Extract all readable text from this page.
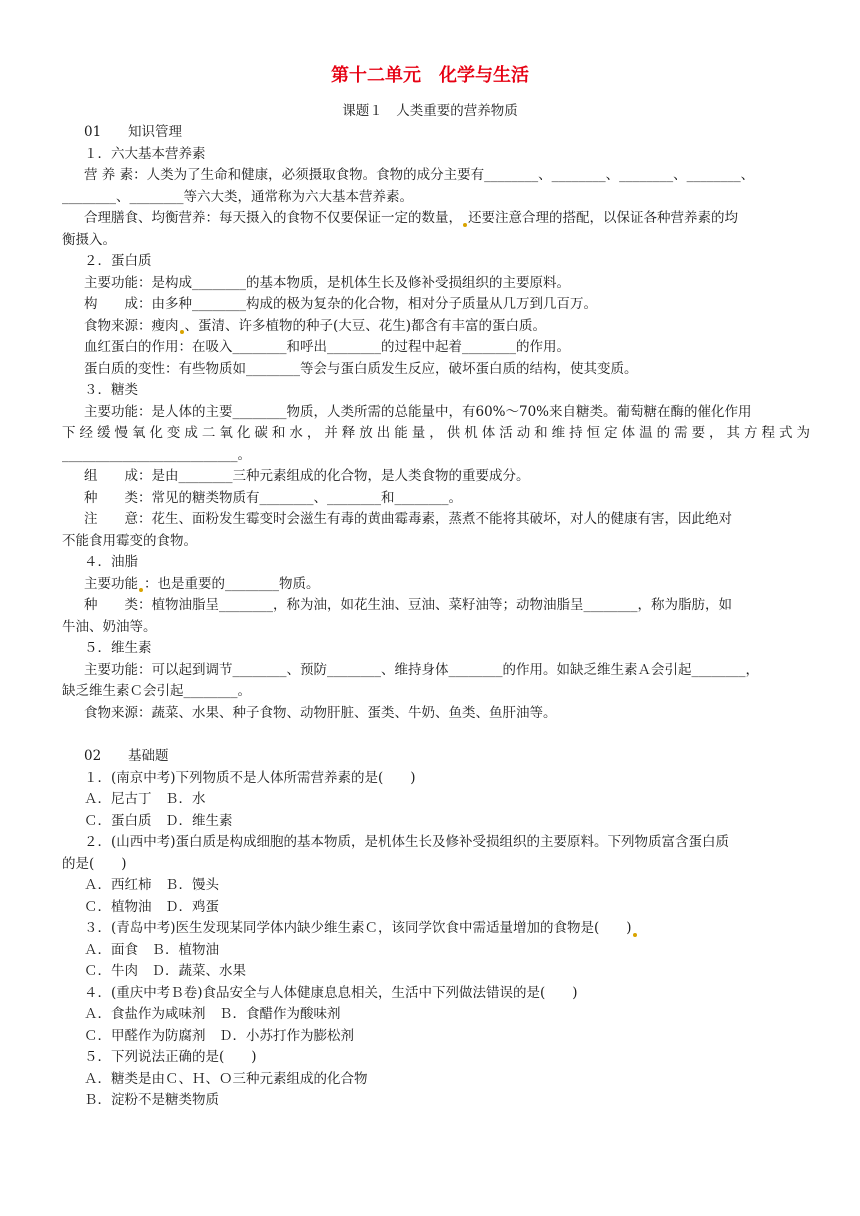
第十二单元　化学与生活
课题１　人类重要的营养物质
01 知识管理
１．六大基本营养素
营 养 素：人类为了生命和健康，必须摄取食物。食物的成分主要有________、________、________、________、
________、________等六大类，通常称为六大基本营养素。
合理膳食、均衡营养：每天摄入的食物不仅要保证一定的数量， 还要注意合理的搭配，以保证各种营养素的均
衡摄入。
２．蛋白质
主要功能：是构成________的基本物质，是机体生长及修补受损组织的主要原料。
构　　成：由多种________构成的极为复杂的化合物，相对分子质量从几万到几百万。
食物来源：瘦肉 、蛋清、许多植物的种子(大豆、花生)都含有丰富的蛋白质。
血红蛋白的作用：在吸入________和呼出________的过程中起着________的作用。
蛋白质的变性：有些物质如________等会与蛋白质发生反应，破坏蛋白质的结构，使其变质。
３．糖类
主要功能：是人体的主要________物质，人类所需的总能量中，有60%～70%来自糖类。葡萄糖在酶的催化作用
下经缓慢氧化变成二氧化碳和水，并释放出能量，供机体活动和维持恒定体温的需要，其方程式为
__________________________。
组　　成：是由________三种元素组成的化合物，是人类食物的重要成分。
种　　类：常见的糖类物质有________、________和________。
注　　意：花生、面粉发生霉变时会滋生有毒的黄曲霉毒素，蒸煮不能将其破坏，对人的健康有害，因此绝对
不能食用霉变的食物。
４．油脂
主要功能 ：也是重要的________物质。
种　　类：植物油脂呈________，称为油，如花生油、豆油、菜籽油等；动物油脂呈________，称为脂肪，如
牛油、奶油等。
５．维生素
主要功能：可以起到调节________、预防________、维持身体________的作用。如缺乏维生素Ａ会引起________，
缺乏维生素Ｃ会引起________。
食物来源：蔬菜、水果、种子食物、动物肝脏、蛋类、牛奶、鱼类、鱼肝油等。
02 基础题
１．(南京中考)下列物质不是人体所需营养素的是(　　)
Ａ．尼古丁　Ｂ．水
Ｃ．蛋白质　Ｄ．维生素
２．(山西中考)蛋白质是构成细胞的基本物质，是机体生长及修补受损组织的主要原料。下列物质富含蛋白质
的是(　　)
Ａ．西红柿　Ｂ．馒头
Ｃ．植物油　Ｄ．鸡蛋
３．(青岛中考)医生发现某同学体内缺少维生素Ｃ，该同学饮食中需适量增加的食物是(　　)
Ａ．面食　Ｂ．植物油
Ｃ．牛肉　Ｄ．蔬菜、水果
４．(重庆中考Ｂ卷)食品安全与人体健康息息相关，生活中下列做法错误的是(　　)
Ａ．食盐作为咸味剂　Ｂ．食醋作为酸味剂
Ｃ．甲醛作为防腐剂　Ｄ．小苏打作为膨松剂
５．下列说法正确的是(　　)
Ａ．糖类是由Ｃ、Ｈ、Ｏ三种元素组成的化合物
Ｂ．淀粉不是糖类物质
